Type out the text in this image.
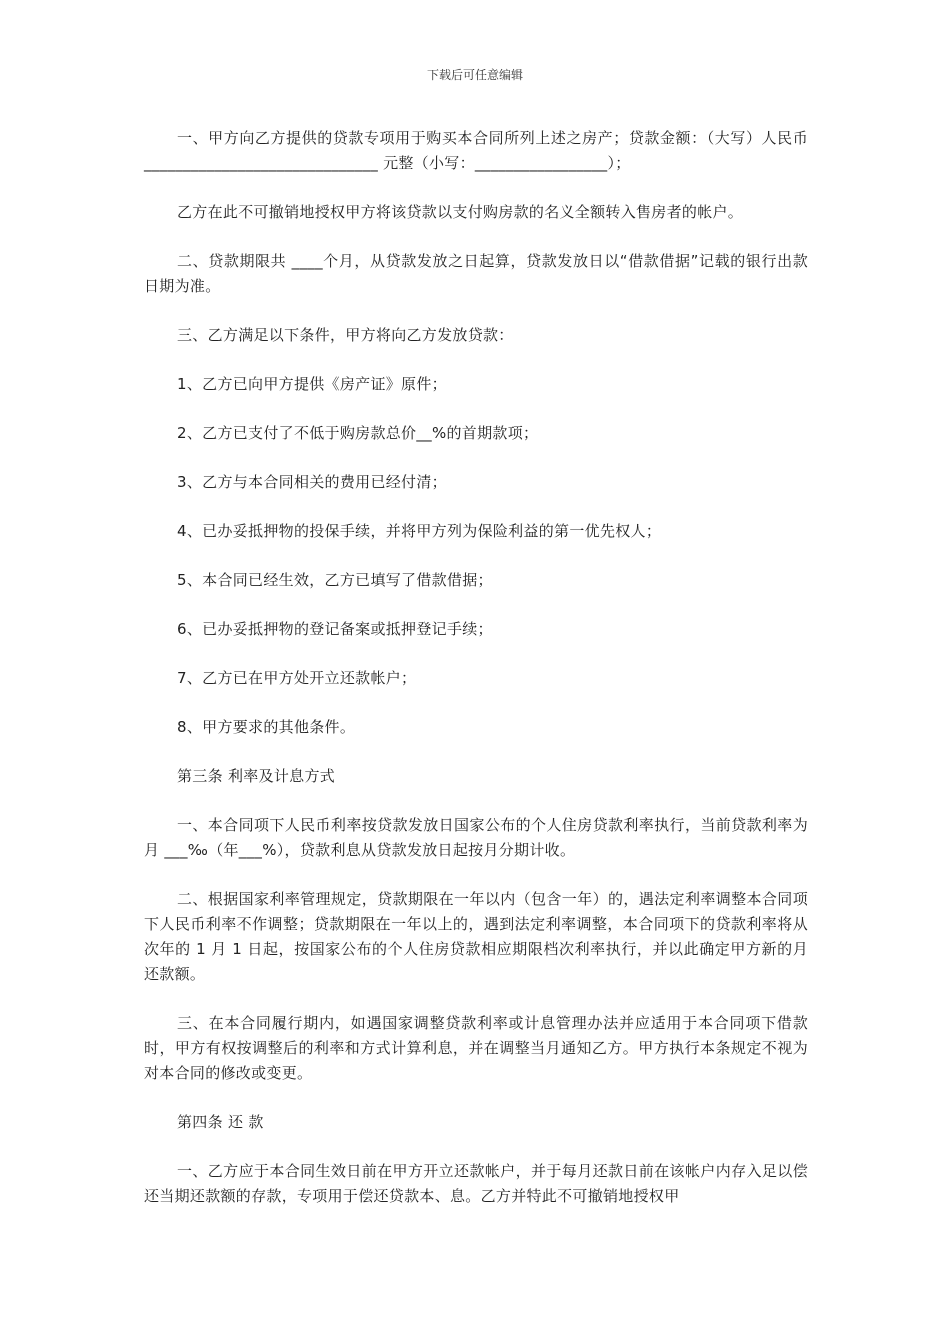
下载后可任意编辑

一、甲方向乙方提供的贷款专项用于购买本合同所列上述之房产；贷款金额：（大写）人民币______________________________ 元整（小写：_________________）；

乙方在此不可撤销地授权甲方将该贷款以支付购房款的名义全额转入售房者的帐户。

二、贷款期限共 ____个月，从贷款发放之日起算，贷款发放日以“借款借据”记载的银行出款日期为准。

三、乙方满足以下条件，甲方将向乙方发放贷款：

1、乙方已向甲方提供《房产证》原件；

2、乙方已支付了不低于购房款总价__%的首期款项；

3、乙方与本合同相关的费用已经付清；

4、已办妥抵押物的投保手续，并将甲方列为保险利益的第一优先权人；

5、本合同已经生效，乙方已填写了借款借据；

6、已办妥抵押物的登记备案或抵押登记手续；

7、乙方已在甲方处开立还款帐户；

8、甲方要求的其他条件。

第三条 利率及计息方式

一、本合同项下人民币利率按贷款发放日国家公布的个人住房贷款利率执行，当前贷款利率为月 ___‰（年___%），贷款利息从贷款发放日起按月分期计收。

二、根据国家利率管理规定，贷款期限在一年以内（包含一年）的，遇法定利率调整本合同项下人民币利率不作调整；贷款期限在一年以上的，遇到法定利率调整，本合同项下的贷款利率将从次年的 1 月 1 日起，按国家公布的个人住房贷款相应期限档次利率执行，并以此确定甲方新的月还款额。

三、在本合同履行期内，如遇国家调整贷款利率或计息管理办法并应适用于本合同项下借款时，甲方有权按调整后的利率和方式计算利息，并在调整当月通知乙方。甲方执行本条规定不视为对本合同的修改或变更。

第四条 还 款

一、乙方应于本合同生效日前在甲方开立还款帐户，并于每月还款日前在该帐户内存入足以偿还当期还款额的存款，专项用于偿还贷款本、息。乙方并特此不可撤销地授权甲
